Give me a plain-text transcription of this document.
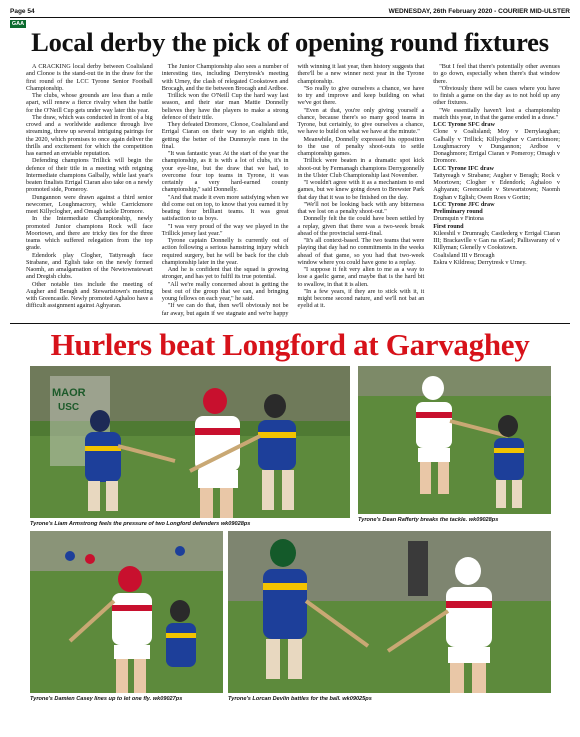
Page 54	WEDNESDAY, 26th February 2020 - COURIER MID-ULSTER
GAA
Local derby the pick of opening round fixtures

A CRACKING local derby between Coalisland and Clonoe is the stand-out tie in the draw for the first round of the LCC Tyrone Senior Football Championship.

The clubs, whose grounds are less than a mile apart, will renew a fierce rivalry when the battle for the O'Neill Cup gets under way later this year.

The draw, which was conducted in front of a big crowd and a worldwide audience through live streaming, threw up several intriguing pairings for the 2020, which promises to once again deliver the thrills and excitement for which the competition has earned an enviable reputation.

Defending champions Trillick will begin the defence of their title in a meeting with reigning Intermediate champions Galbally, while last year's beaten finalists Errigal Ciaran also take on a newly promoted side, Pomeroy.

Dungannon were drawn against a third senior newcomer, Loughmacrory, while Carrickmore meet Killyclogher, and Omagh tackle Dromore.

In the Intermediate Championship, newly promoted Junior champions Rock will face Moortown, and there are tricky ties for the three teams which suffered relegation from the top grade.

Edendork play Clogher, Tattyreagh face Strabane, and Eglish take on the newly formed Naomh, an amalgamation of the Newtownstewart and Dregish clubs.

Other notable ties include the meeting of Augher and Beragh and Stewartstown's meeting with Greencastle. Newly promoted Aghaloo have a difficult assignment against Aghyaran.

The Junior Championship also sees a number of interesting ties, including Derrytresk's meeting with Urney, the clash of relegated Cookstown and Brocagh, and the tie between Brocagh and Ardboe.

Trillick won the O'Neill Cup the hard way last season, and their star man Mattie Donnelly believes they have the players to make a strong defence of their title.

They defeated Dromore, Clonoe, Coalisland and Errigal Ciaran on their way to an eighth title, getting the better of the Dunmoyle men in the final.

"It was fantastic year. At the start of the year the championship, as it is with a lot of clubs, it's in your eye-line, but the draw that we had, to overcome four top teams in Tyrone, it was certainly a very hard-earned county championship," said Donnelly.

"And that made it even more satisfying when we did come out on top, to know that you earned it by beating four brilliant teams. It was great satisfaction to us boys.

"I was very proud of the way we played in the Trillick jersey last year."

Tyrone captain Donnelly is currently out of action following a serious hamstring injury which required surgery, but he will be back for the club championship later in the year.

And he is confident that the squad is growing stronger, and has yet to fulfil its true potential.

"All we're really concerned about is getting the best out of the group that we can, and bringing young fellows on each year," he said.

"If we can do that, then we'll obviously not be far away, but again if we stagnate and we're happy with winning it last year, then history suggests that there'll be a new winner next year in the Tyrone championship.

"So really to give ourselves a chance, we have to try and improve and keep building on what we've got there.

"Even at that, you're only giving yourself a chance, because there's so many good teams in Tyrone, but certainly, to give ourselves a chance, we have to build on what we have at the minute."

Meanwhile, Donnelly expressed his opposition to the use of penalty shoot-outs to settle championship games.

Trillick were beaten in a dramatic spot kick shoot-out by Fermanagh champions Derrygonnelly in the Ulster Club Championship last November.

"I wouldn't agree with it as a mechanism to end games, but we knew going down to Brewster Park that day that it was to be finished on the day.

"We'll not be looking back with any bitterness that we lost on a penalty shoot-out."

Donnelly felt the tie could have been settled by a replay, given that there was a two-week break ahead of the provincial semi-final.

"It's all context-based. The two teams that were playing that day had no commitments in the weeks ahead of that game, so you had that two-week window where you could have gone to a replay.

"I suppose it felt very alien to me as a way to lose a gaelic game, and maybe that is the hard bit to swallow, in that it is alien.

"In a few years, if they are to stick with it, it might become second nature, and we'll not bat an eyelid at it.

"But I feel that there's potentially other avenues to go down, especially when there's that window there.

"Obviously there will be cases where you have to finish a game on the day as to not hold up any other fixtures.

"We essentially haven't lost a championship match this year, in that the game ended in a draw."

LCC Tyrone SFC draw

Clone v Coalisland; Moy v Derrylaughan; Galbally v Trillick; Killyclogher v Carrickmore; Loughmacrory v Dungannon; Ardboe v Donaghmore; Errigal Ciaran v Pomeroy; Omagh v Dromore.

LCC Tyrone IFC draw

Tattyreagh v Strabane; Augher v Beragh; Rock v Moortown; Clogher v Edendork; Aghaloo v Aghyaran; Greencastle v Stewartstown; Naomh Eoghan v Eglish; Owen Roes v Gortin;

LCC Tyrone JFC draw

Preliminary round

Drumquin v Fintona

First round

Kileeshil v Drumragh; Castlederg v Errigal Ciaran III; Brackaville v Gan na nGael; Pallisvarany of v Killyman; Glenelly v Cookstown.

Coalisland III v Brocagh

Eskra v Kildress; Derrytresk v Urney.

Hurlers beat Longford at Garvaghey
MAOR
USC
Tyrone's Liam Armstrong feels the pressure of two Longford defenders wk09028ps
Tyrone's Dean Rafferty breaks the tackle. wk09028ps
Tyrone's Damien Casey lines up to let one fly. wk09027ps	Tyrone's Lorcan Devlin battles for the ball. wk09025ps
